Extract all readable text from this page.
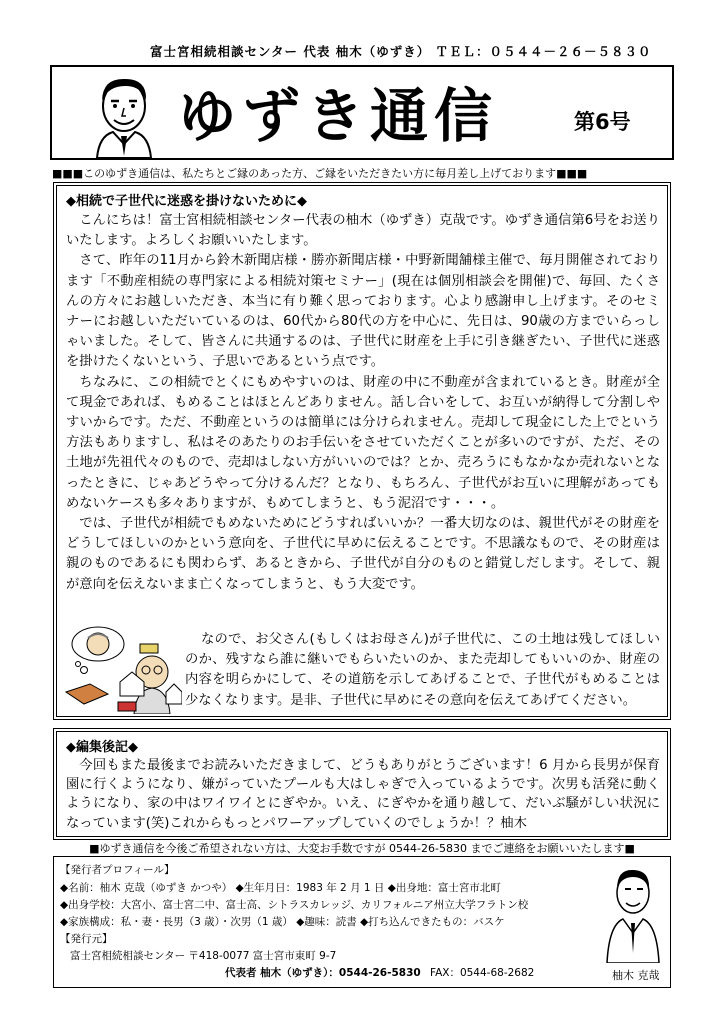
富士宮相続相談センター 代表 柚木（ゆずき） ＴＥＬ：０５４４－２６－５８３０
ゆずき通信	第6号
■■■このゆずき通信は、私たちとご縁のあった方、ご縁をいただきたい方に毎月差し上げております■■■
◆相続で子世代に迷惑を掛けないために◆

こんにちは！富士宮相続相談センター代表の柚木（ゆずき）克哉です。ゆずき通信第6号をお送りいたします。よろしくお願いいたします。

さて、昨年の11月から鈴木新聞店様・勝亦新聞店様・中野新聞舗様主催で、毎月開催されております「不動産相続の専門家による相続対策セミナー」(現在は個別相談会を開催)で、毎回、たくさんの方々にお越しいただき、本当に有り難く思っております。心より感謝申し上げます。そのセミナーにお越しいただいているのは、60代から80代の方を中心に、先日は、90歳の方までいらっしゃいました。そして、皆さんに共通するのは、子世代に財産を上手に引き継ぎたい、子世代に迷惑を掛けたくないという、子思いであるという点です。

ちなみに、この相続でとくにもめやすいのは、財産の中に不動産が含まれているとき。財産が全て現金であれば、もめることはほとんどありません。話し合いをして、お互いが納得して分割しやすいからです。ただ、不動産というのは簡単には分けられません。売却して現金にした上でという方法もありますし、私はそのあたりのお手伝いをさせていただくことが多いのですが、ただ、その土地が先祖代々のもので、売却はしない方がいいのでは？とか、売ろうにもなかなか売れないとなったときに、じゃあどうやって分けるんだ？となり、もちろん、子世代がお互いに理解があってもめないケースも多々ありますが、もめてしまうと、もう泥沼です・・・。

では、子世代が相続でもめないためにどうすればいいか？一番大切なのは、親世代がその財産をどうしてほしいのかという意向を、子世代に早めに伝えることです。不思議なもので、その財産は親のものであるにも関わらず、あるときから、子世代が自分のものと錯覚しだします。そして、親が意向を伝えないまま亡くなってしまうと、もう大変です。

なので、お父さん(もしくはお母さん)が子世代に、この土地は残してほしいのか、残すなら誰に継いでもらいたいのか、また売却してもいいのか、財産の内容を明らかにして、その道筋を示してあげることで、子世代がもめることは少なくなります。是非、子世代に早めにその意向を伝えてあげてください。

◆編集後記◆

今回もまた最後までお読みいただきまして、どうもありがとうございます！6 月から長男が保育園に行くようになり、嫌がっていたプールも大はしゃぎで入っているようです。次男も活発に動くようになり、家の中はワイワイとにぎやか。いえ、にぎやかを通り越して、だいぶ騒がしい状況になっています(笑)これからもっとパワーアップしていくのでしょうか！？柚木

■ゆずき通信を今後ご希望されない方は、大変お手数ですが 0544-26-5830 までご連絡をお願いいたします■
【発行者プロフィール】
◆名前：柚木 克哉（ゆずき かつや） ◆生年月日：1983 年 2 月 1 日 ◆出身地：富士宮市北町
◆出身学校：大宮小、富士宮二中、富士高、シトラスカレッジ、カリフォルニア州立大学フラトン校
◆家族構成：私・妻・長男（3 歳）・次男（1 歳） ◆趣味：読書 ◆打ち込んできたもの：バスケ
【発行元】
富士宮相続相談センター 〒418-0077 富士宮市東町 9-7
代表者 柚木（ゆずき）：0544-26-5830 FAX：0544-68-2682	柚木 克哉
